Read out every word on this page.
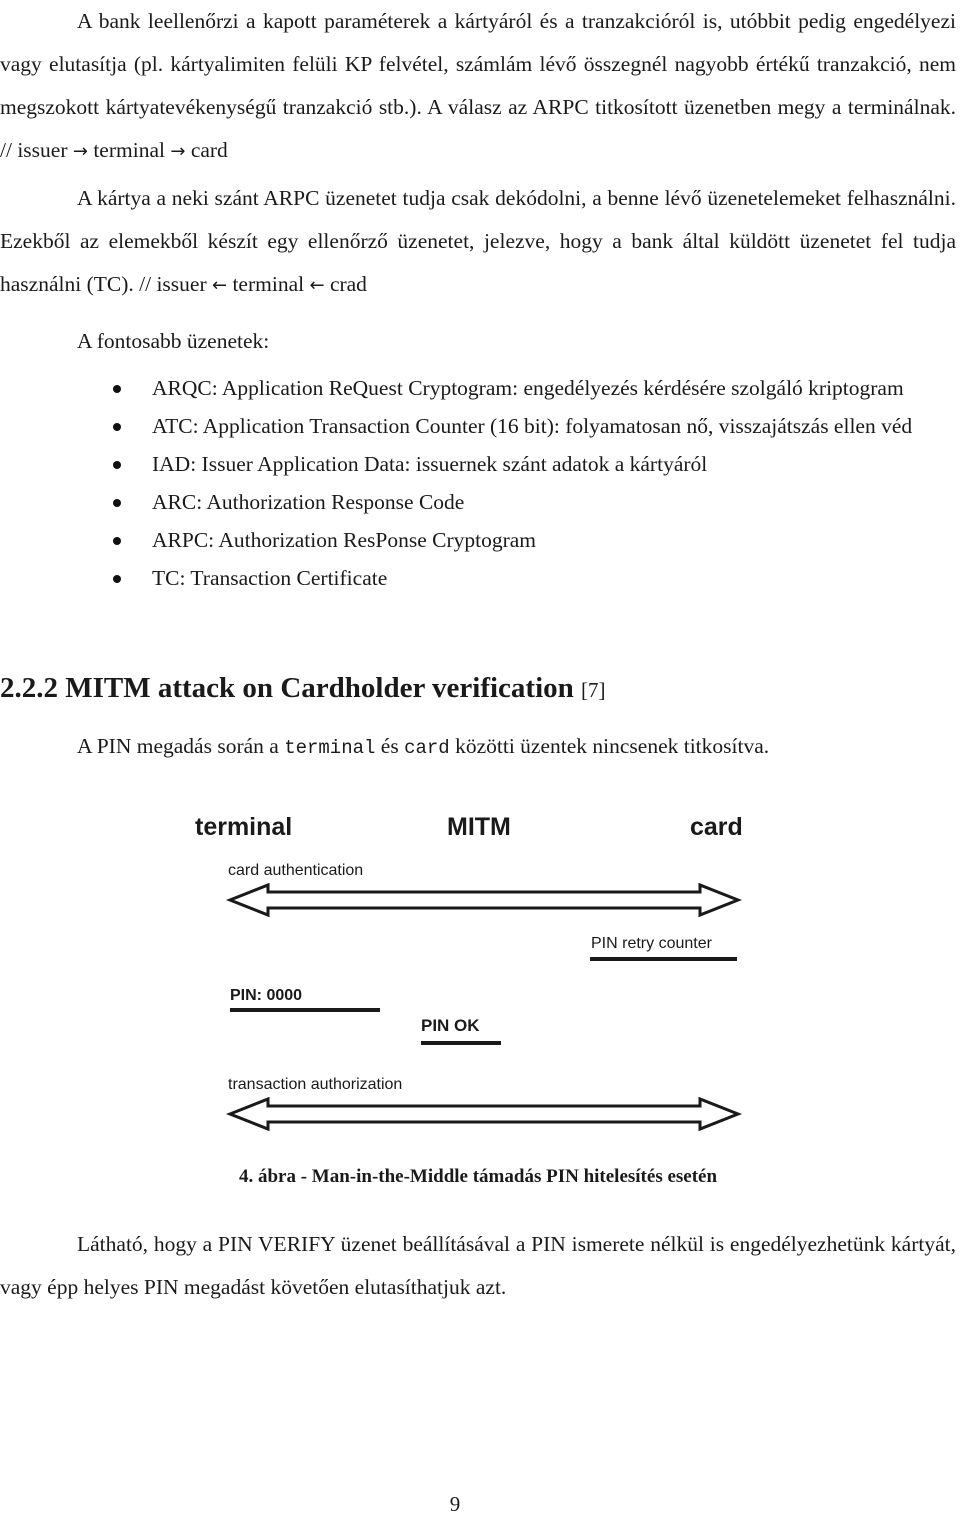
A bank leellenőrzi a kapott paraméterek a kártyáról és a tranzakcióról is, utóbbit pedig engedélyezi vagy elutasítja (pl. kártyalimiten felüli KP felvétel, számlám lévő összegnél nagyobb értékű tranzakció, nem megszokott kártyatevékenységű tranzakció stb.). A válasz az ARPC titkosított üzenetben megy a terminálnak. // issuer → terminal → card

A kártya a neki szánt ARPC üzenetet tudja csak dekódolni, a benne lévő üzenetelemeket felhasználni. Ezekből az elemekből készít egy ellenőrző üzenetet, jelezve, hogy a bank által küldött üzenetet fel tudja használni (TC). // issuer ← terminal ← crad

A fontosabb üzenetek:

ARQC: Application ReQuest Cryptogram: engedélyezés kérdésére szolgáló kriptogram
ATC: Application Transaction Counter (16 bit): folyamatosan nő, visszajátszás ellen véd
IAD: Issuer Application Data: issuernek szánt adatok a kártyáról
ARC: Authorization Response Code
ARPC: Authorization ResPonse Cryptogram
TC: Transaction Certificate
2.2.2 MITM attack on Cardholder verification [7]

A PIN megadás során a terminal és card közötti üzentek nincsenek titkosítva.

terminal	MITM	card
card authentication
PIN retry counter
PIN: 0000
PIN OK
transaction authorization
4. ábra - Man-in-the-Middle támadás PIN hitelesítés esetén

Látható, hogy a PIN VERIFY üzenet beállításával a PIN ismerete nélkül is engedélyezhetünk kártyát, vagy épp helyes PIN megadást követően elutasíthatjuk azt.

9
